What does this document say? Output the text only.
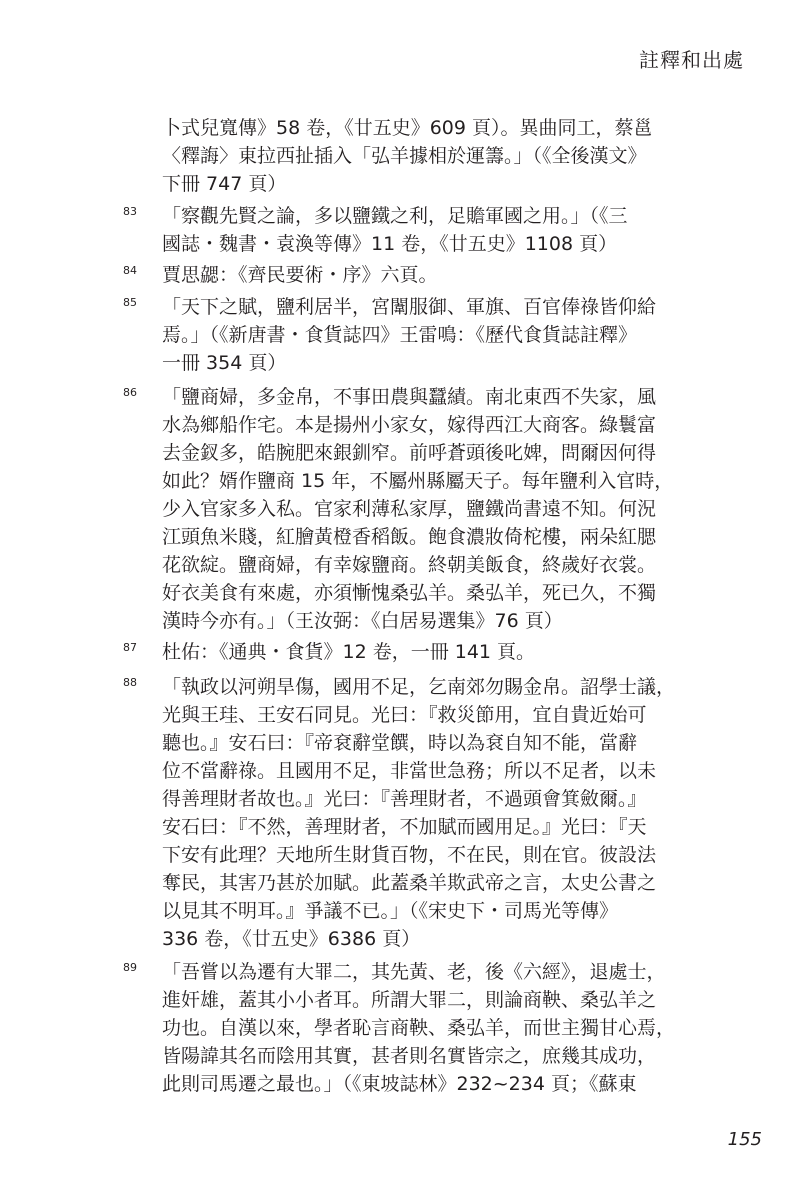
註釋和出處
卜式兒寬傳》58 卷，《廿五史》609 頁）。異曲同工，蔡邕
〈釋誨〉東拉西扯插入「弘羊據相於運籌。」（《全後漢文》
下冊 747 頁）
83 「察觀先賢之論，多以鹽鐵之利，足贍軍國之用。」（《三
國誌・魏書・袁渙等傳》11 卷，《廿五史》1108 頁）
84 賈思勰：《齊民要術・序》六頁。
85 「天下之賦，鹽利居半，宮闈服御、軍旗、百官俸祿皆仰給
焉。」（《新唐書・食貨誌四》王雷鳴：《歷代食貨誌註釋》
一冊 354 頁）
86 「鹽商婦，多金帛，不事田農與蠶績。南北東西不失家，風
水為鄉船作宅。本是揚州小家女，嫁得西江大商客。綠鬟富
去金釵多，皓腕肥來銀釧窄。前呼蒼頭後叱婢，問爾因何得
如此？婿作鹽商 15 年，不屬州縣屬天子。每年鹽利入官時，
少入官家多入私。官家利薄私家厚，鹽鐵尚書遠不知。何況
江頭魚米賤，紅膾黃橙香稻飯。飽食濃妝倚柁樓，兩朵紅腮
花欲綻。鹽商婦，有幸嫁鹽商。終朝美飯食，終歲好衣裳。
好衣美食有來處，亦須慚愧桑弘羊。桑弘羊，死已久，不獨
漢時今亦有。」（王汝弼：《白居易選集》76 頁）
87 杜佑：《通典・食貨》12 卷，一冊 141 頁。
88 「執政以河朔旱傷，國用不足，乞南郊勿賜金帛。詔學士議，
光與王珪、王安石同見。光曰：『救災節用，宜自貴近始可
聽也。』安石曰：『帝袞辭堂饌，時以為袞自知不能，當辭
位不當辭祿。且國用不足，非當世急務；所以不足者，以未
得善理財者故也。』光曰：『善理財者，不過頭會箕斂爾。』
安石曰：『不然，善理財者，不加賦而國用足。』光曰：『天
下安有此理？天地所生財貨百物，不在民，則在官。彼設法
奪民，其害乃甚於加賦。此蓋桑羊欺武帝之言，太史公書之
以見其不明耳。』爭議不已。」（《宋史下・司馬光等傳》
336 卷，《廿五史》6386 頁）
89 「吾嘗以為遷有大罪二，其先黃、老，後《六經》，退處士，
進奸雄，蓋其小小者耳。所謂大罪二，則論商鞅、桑弘羊之
功也。自漢以來，學者恥言商鞅、桑弘羊，而世主獨甘心焉，
皆陽諱其名而陰用其實，甚者則名實皆宗之，庶幾其成功，
此則司馬遷之最也。」（《東坡誌林》232~234 頁；《蘇東
155
